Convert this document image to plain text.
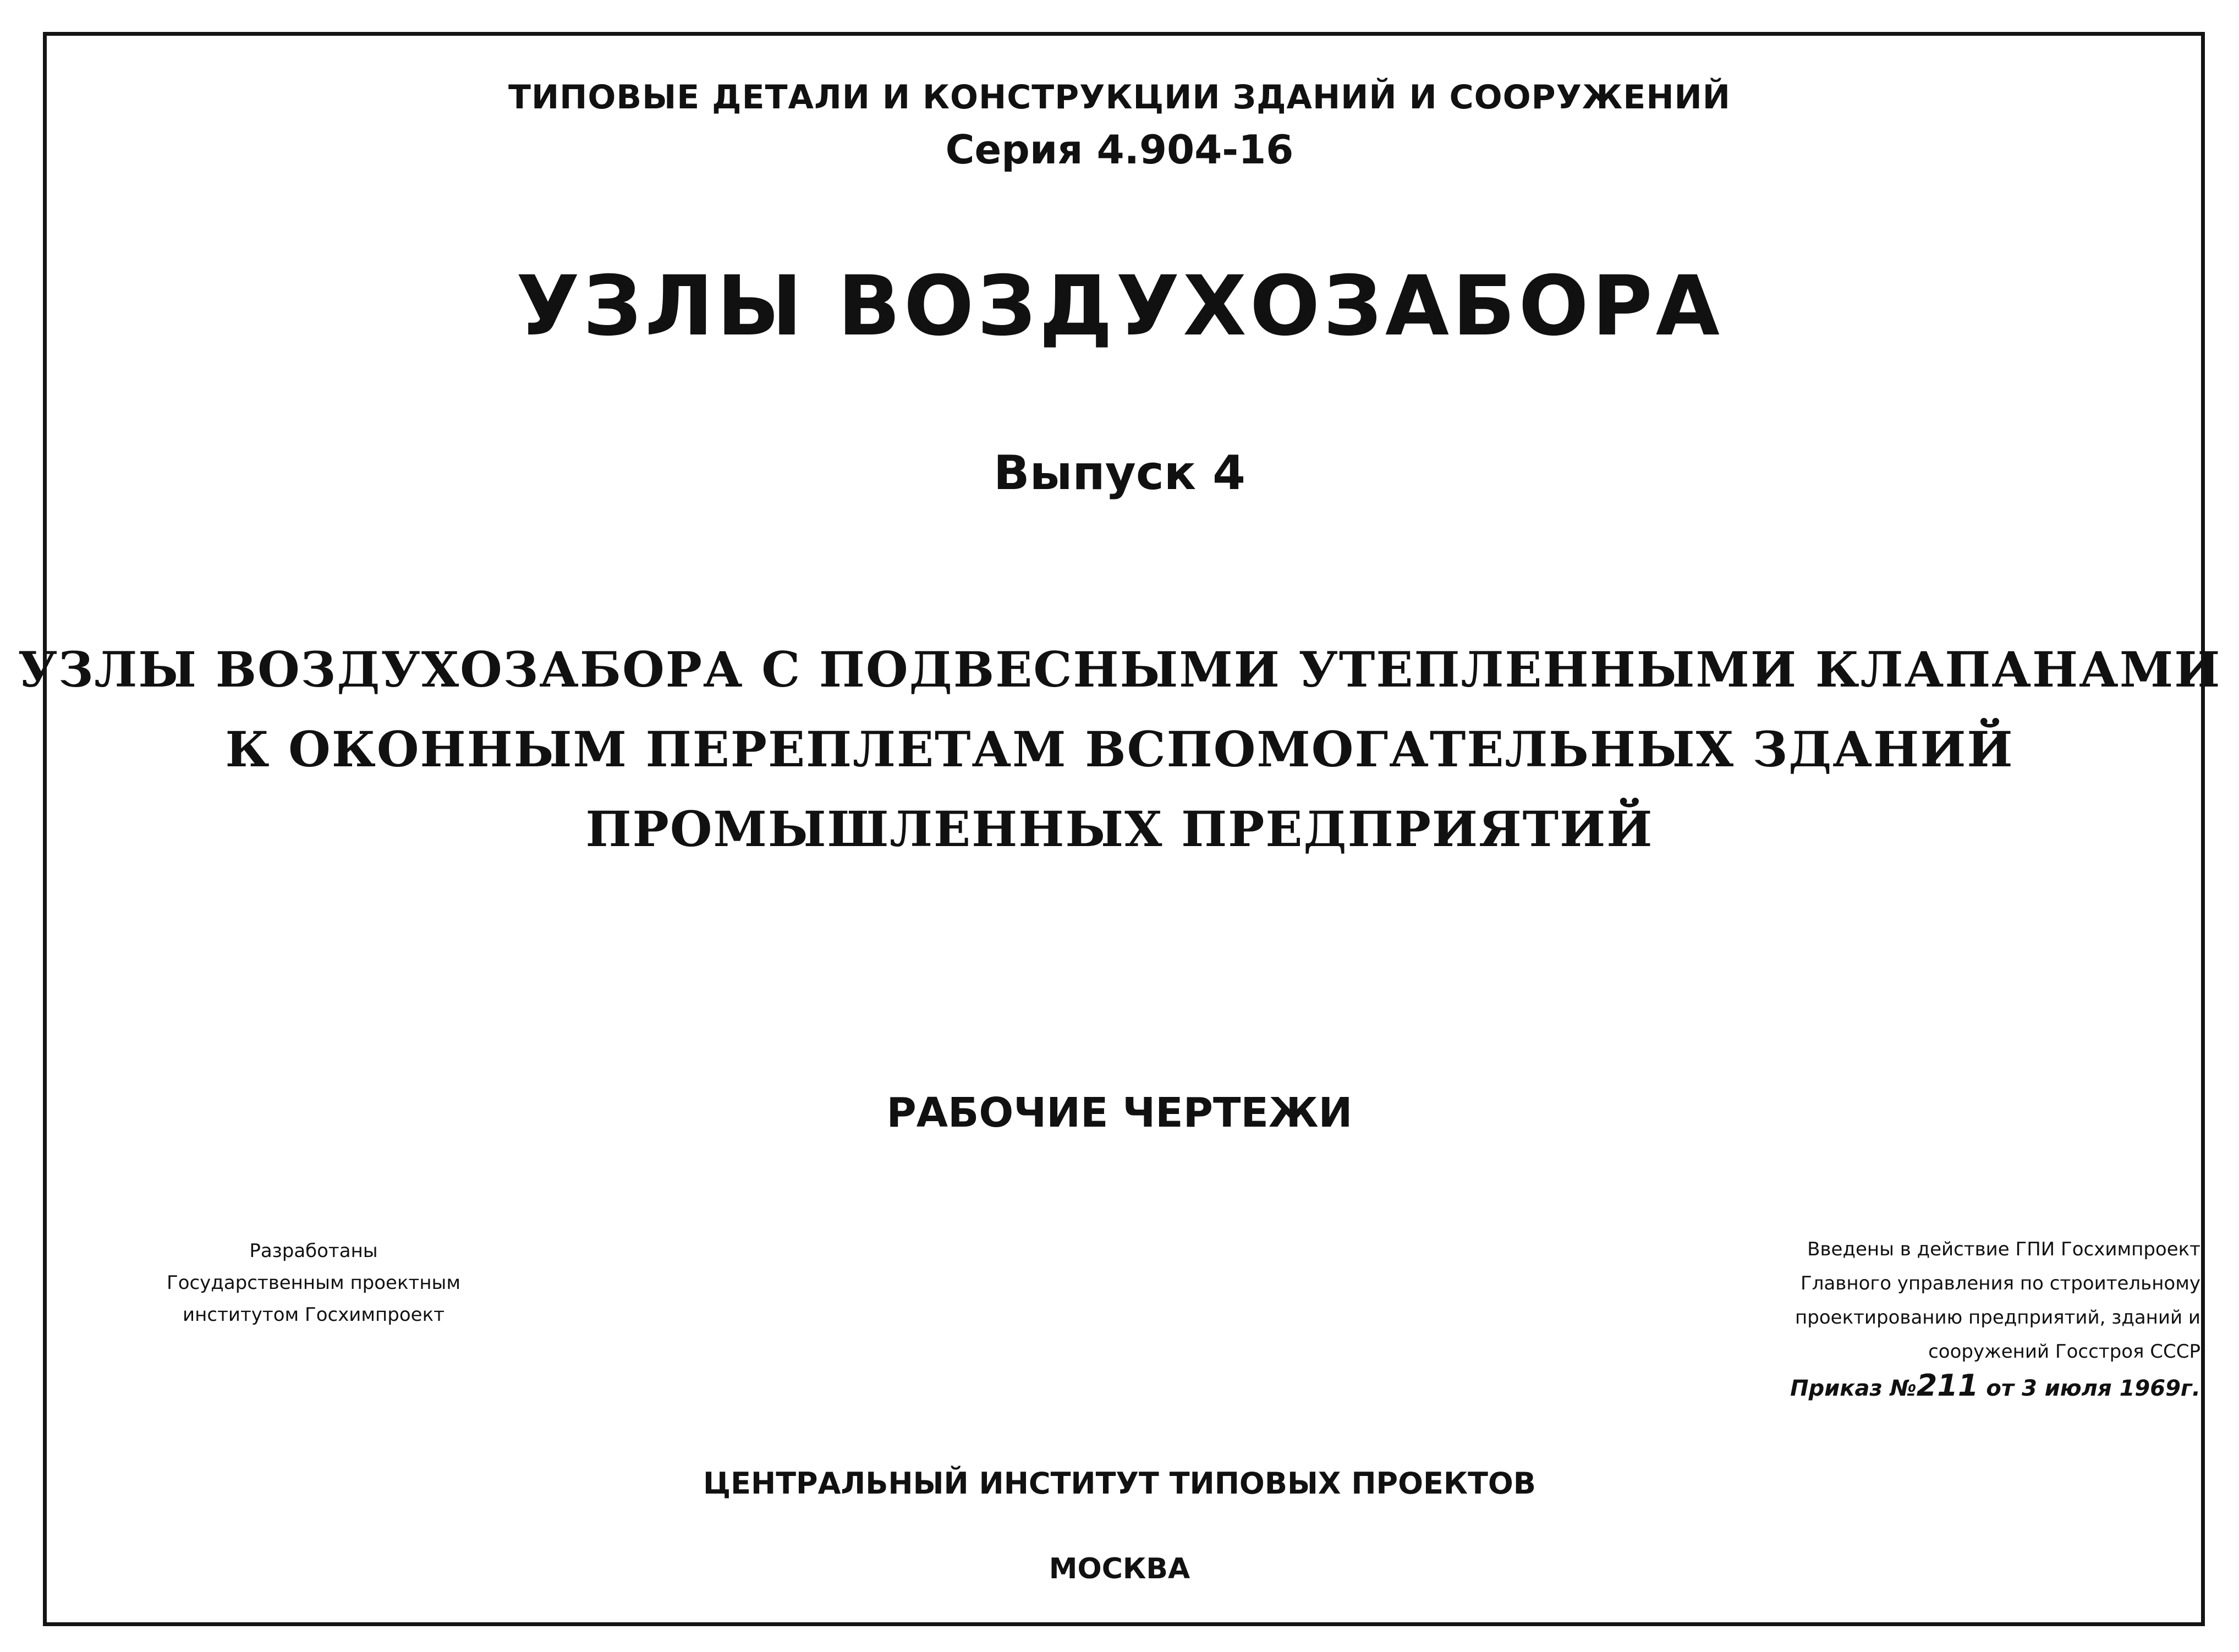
ТИПОВЫЕ ДЕТАЛИ И КОНСТРУКЦИИ ЗДАНИЙ И СООРУЖЕНИЙ
Серия 4.904-16
УЗЛЫ ВОЗДУХОЗАБОРА
Выпуск 4
УЗЛЫ ВОЗДУХОЗАБОРА С ПОДВЕСНЫМИ УТЕПЛЕННЫМИ КЛАПАНАМИ
К ОКОННЫМ ПЕРЕПЛЕТАМ ВСПОМОГАТЕЛЬНЫХ ЗДАНИЙ
ПРОМЫШЛЕННЫХ ПРЕДПРИЯТИЙ
РАБОЧИЕ ЧЕРТЕЖИ
Разработаны
Государственным проектным
институтом Гоcхимпроект
Введены в действие ГПИ Госхимпроект
Главного управления по строительному
проектированию предприятий, зданий и
сооружений Госстроя СССР
Приказ №211 от 3 июля 1969г.
ЦЕНТРАЛЬНЫЙ ИНСТИТУТ ТИПОВЫХ ПРОЕКТОВ
МОСКВА
